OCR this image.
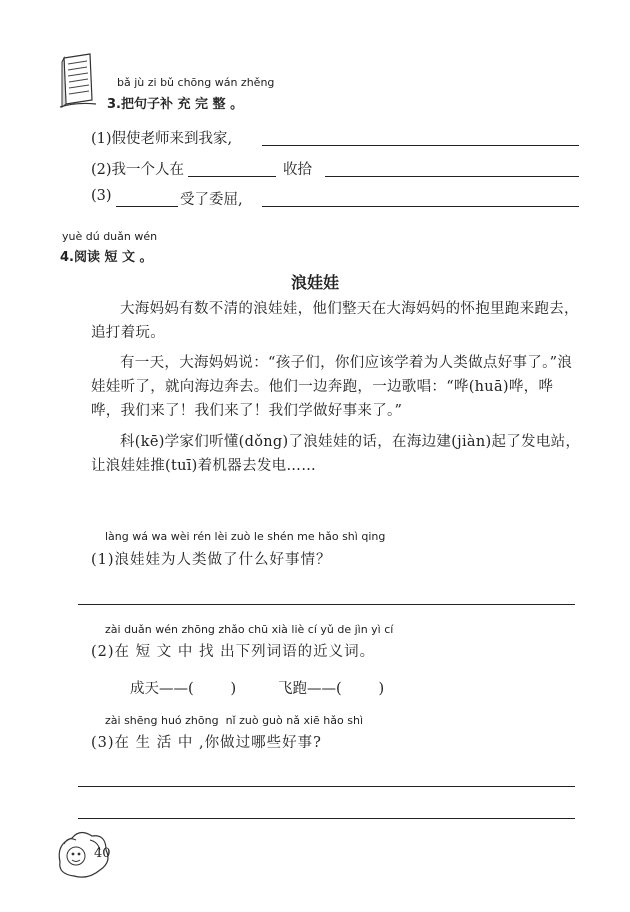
bǎ jù zi bǔ chōng wán zhěng
3.把句子补 充 完 整 。
(1)假使老师来到我家,
(2)我一个人在	收拾
(3)	受了委屈,
yuè dú duǎn wén
4.阅读 短 文 。
浪娃娃
大海妈妈有数不清的浪娃娃，他们整天在大海妈妈的怀抱里跑来跑去，追打着玩。
有一天，大海妈妈说：“孩子们，你们应该学着为人类做点好事了。”浪娃娃听了，就向海边奔去。他们一边奔跑，一边歌唱：“哗(huā)哗，哗哗，我们来了！我们来了！我们学做好事来了。”
科(kē)学家们听懂(dǒng)了浪娃娃的话，在海边建(jiàn)起了发电站，让浪娃娃推(tuī)着机器去发电……
làng wá wa wèi rén lèi zuò le shén me hǎo shì qing
(1)浪娃娃为人类做了什么好事情？
zài duǎn wén zhōng zhǎo chū xià liè cí yǔ de jìn yì cí
(2)在 短 文 中 找 出下列词语的近义词。
成天——(        )	飞跑——(        )
zài shēng huó zhōng  nǐ zuò guò nǎ xiē hǎo shì
(3)在 生 活 中 ,你做过哪些好事?
40
